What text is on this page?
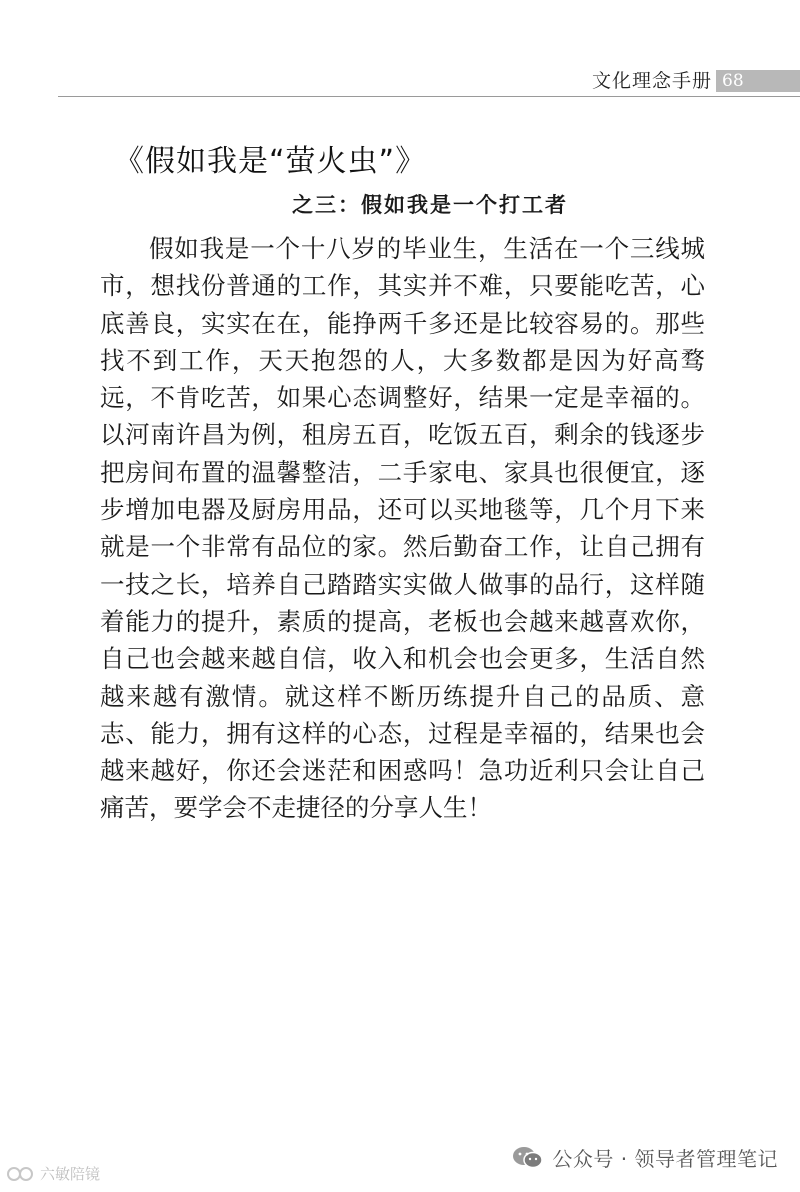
文化理念手册 68
《假如我是“萤火虫”》
之三：假如我是一个打工者

假如我是一个十八岁的毕业生，生活在一个三线城市，想找份普通的工作，其实并不难，只要能吃苦，心底善良，实实在在，能挣两千多还是比较容易的。那些找不到工作，天天抱怨的人，大多数都是因为好高骛远，不肯吃苦，如果心态调整好，结果一定是幸福的。以河南许昌为例，租房五百，吃饭五百，剩余的钱逐步把房间布置的温馨整洁，二手家电、家具也很便宜，逐步增加电器及厨房用品，还可以买地毯等，几个月下来就是一个非常有品位的家。然后勤奋工作，让自己拥有一技之长，培养自己踏踏实实做人做事的品行，这样随着能力的提升，素质的提高，老板也会越来越喜欢你，自己也会越来越自信，收入和机会也会更多，生活自然越来越有激情。就这样不断历练提升自己的品质、意志、能力，拥有这样的心态，过程是幸福的，结果也会越来越好，你还会迷茫和困惑吗！急功近利只会让自己痛苦，要学会不走捷径的分享人生！

六敏陪镜
公众号 · 领导者管理笔记
